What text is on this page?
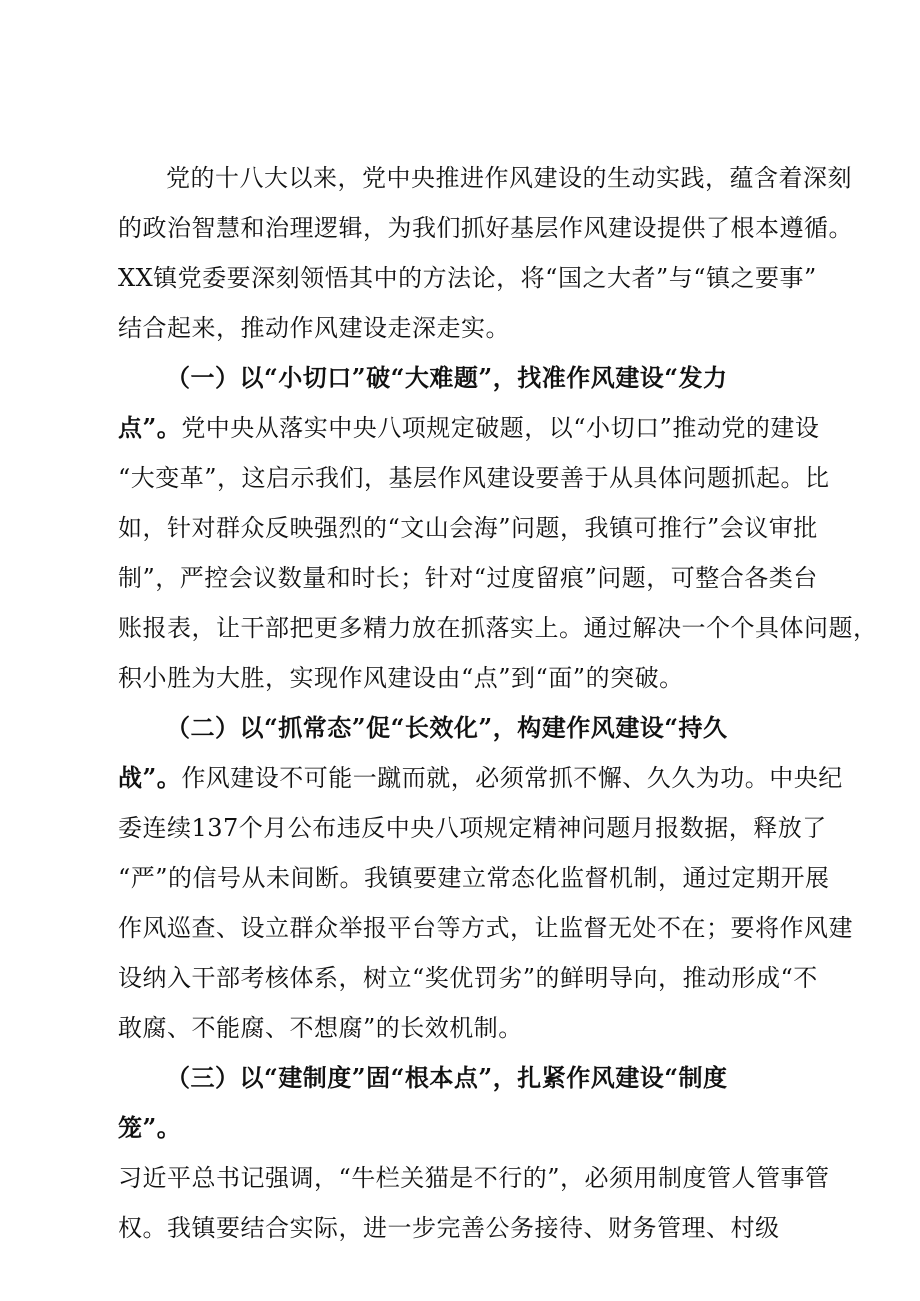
党的十八大以来，党中央推进作风建设的生动实践，蕴含着深刻
的政治智慧和治理逻辑，为我们抓好基层作风建设提供了根本遵循。
XX镇党委要深刻领悟其中的方法论，将“国之大者”与“镇之要事”
结合起来，推动作风建设走深走实。
（一）以“小切口”破“大难题”，找准作风建设“发力
点”。党中央从落实中央八项规定破题，以“小切口”推动党的建设
“大变革”，这启示我们，基层作风建设要善于从具体问题抓起。比
如，针对群众反映强烈的“文山会海”问题，我镇可推行”会议审批
制”，严控会议数量和时长；针对“过度留痕”问题，可整合各类台
账报表，让干部把更多精力放在抓落实上。通过解决一个个具体问题，
积小胜为大胜，实现作风建设由“点”到“面”的突破。
（二）以“抓常态”促“长效化”，构建作风建设“持久
战”。作风建设不可能一蹴而就，必须常抓不懈、久久为功。中央纪
委连续137个月公布违反中央八项规定精神问题月报数据，释放了
“严”的信号从未间断。我镇要建立常态化监督机制，通过定期开展
作风巡查、设立群众举报平台等方式，让监督无处不在；要将作风建
设纳入干部考核体系，树立“奖优罚劣”的鲜明导向，推动形成“不
敢腐、不能腐、不想腐”的长效机制。
（三）以“建制度”固“根本点”，扎紧作风建设“制度
笼”。
习近平总书记强调，“牛栏关猫是不行的”，必须用制度管人管事管
权。我镇要结合实际，进一步完善公务接待、财务管理、村级
